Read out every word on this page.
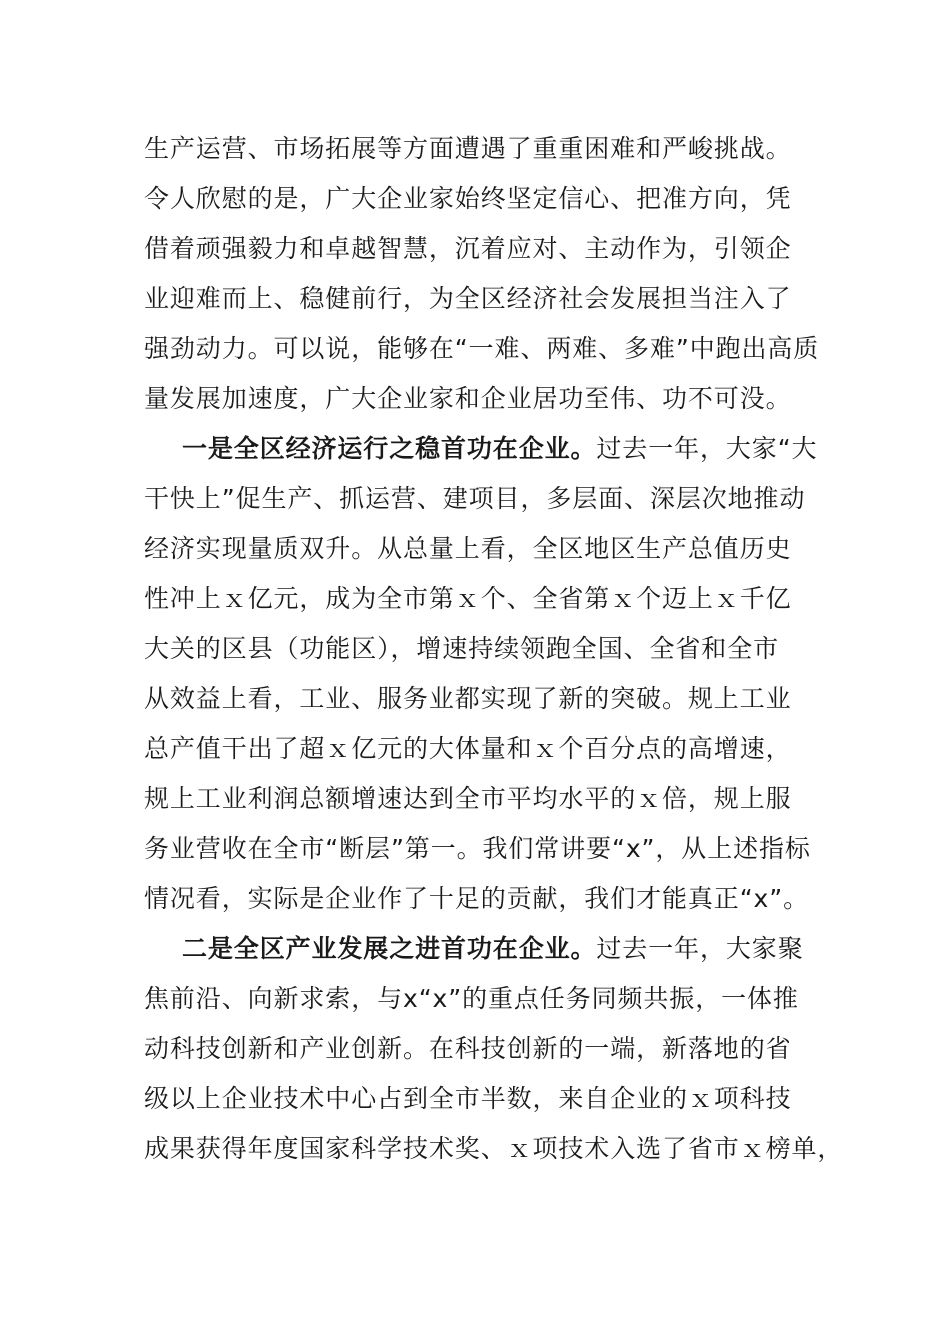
生产运营、市场拓展等方面遭遇了重重困难和严峻挑战。
令人欣慰的是，广大企业家始终坚定信心、把准方向，凭
借着顽强毅力和卓越智慧，沉着应对、主动作为，引领企
业迎难而上、稳健前行，为全区经济社会发展担当注入了
强劲动力。可以说，能够在“一难、两难、多难”中跑出高质
量发展加速度，广大企业家和企业居功至伟、功不可没。
一是全区经济运行之稳首功在企业。过去一年，大家“大
干快上”促生产、抓运营、建项目，多层面、深层次地推动
经济实现量质双升。从总量上看，全区地区生产总值历史
性冲上ｘ亿元，成为全市第ｘ个、全省第ｘ个迈上ｘ千亿
大关的区县（功能区），增速持续领跑全国、全省和全市
从效益上看，工业、服务业都实现了新的突破。规上工业
总产值干出了超ｘ亿元的大体量和ｘ个百分点的高增速，
规上工业利润总额增速达到全市平均水平的ｘ倍，规上服
务业营收在全市“断层”第一。我们常讲要“x”，从上述指标
情况看，实际是企业作了十足的贡献，我们才能真正“x”。
二是全区产业发展之进首功在企业。过去一年，大家聚
焦前沿、向新求索，与x“x”的重点任务同频共振，一体推
动科技创新和产业创新。在科技创新的一端，新落地的省
级以上企业技术中心占到全市半数，来自企业的ｘ项科技
成果获得年度国家科学技术奖、ｘ项技术入选了省市ｘ榜单，
